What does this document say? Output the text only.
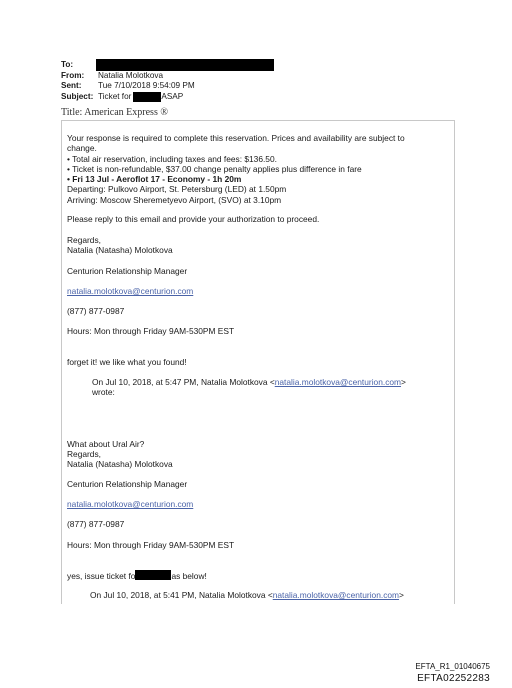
To:
From:	Natalia Molotkova
Sent:	Tue 7/10/2018 9:54:09 PM
Subject: Ticket for	ASAP
Title: American Express ®
Your response is required to complete this reservation. Prices and availability are subject to
change.
• Total air reservation, including taxes and fees: $136.50.
• Ticket is non-refundable, $37.00 change penalty applies plus difference in fare
• Fri 13 Jul - Aeroflot 17 - Economy - 1h 20m
Departing: Pulkovo Airport, St. Petersburg (LED) at 1.50pm
Arriving: Moscow Sheremetyevo Airport, (SVO) at 3.10pm
Please reply to this email and provide your authorization to proceed.
Regards,
Natalia (Natasha) Molotkova
Centurion Relationship Manager
natalia.molotkova@centurion.com
(877) 877-0987
Hours: Mon through Friday 9AM-530PM EST
forget it! we like what you found!
On Jul 10, 2018, at 5:47 PM, Natalia Molotkova <natalia.molotkova@centurion.com>
wrote:
What about Ural Air?
Regards,
Natalia (Natasha) Molotkova
Centurion Relationship Manager
natalia.molotkova@centurion.com
(877) 877-0987
Hours: Mon through Friday 9AM-530PM EST
yes, issue ticket fo	as below!
On Jul 10, 2018, at 5:41 PM, Natalia Molotkova <natalia.molotkova@centurion.com>
EFTA_R1_01040675
EFTA02252283
